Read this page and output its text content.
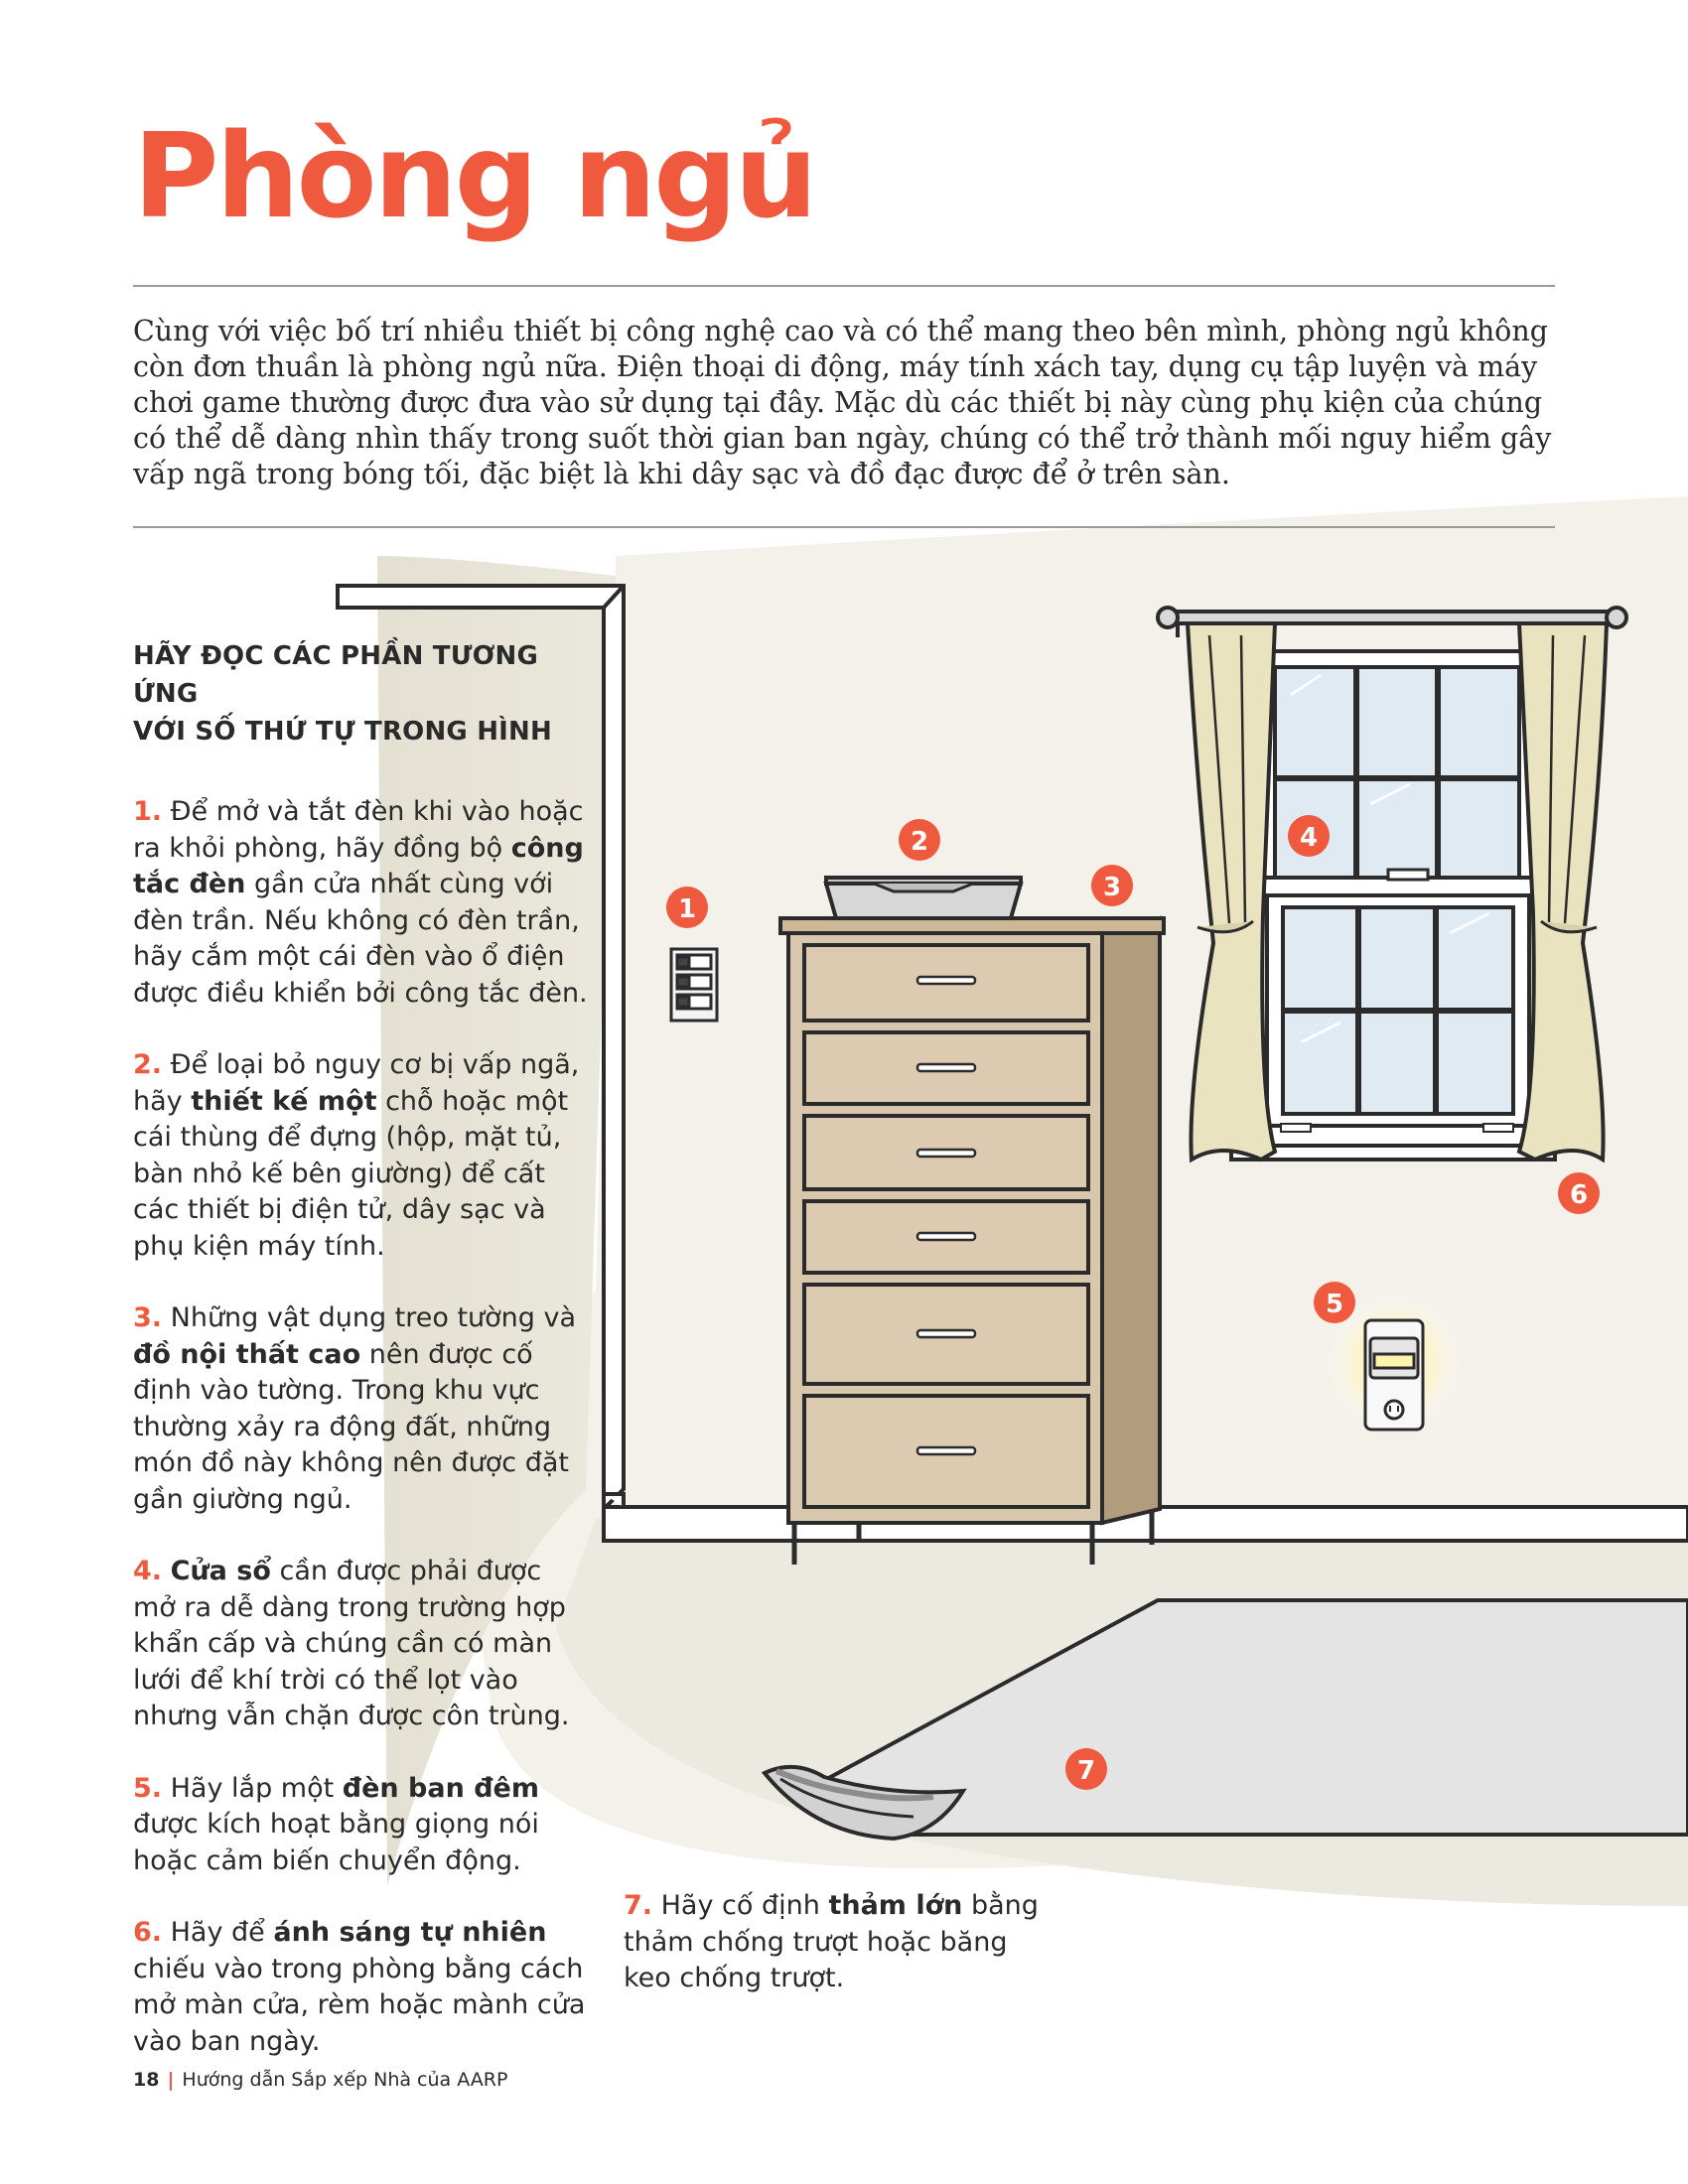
1
2
3
4
5
6
7
Phòng ngủ

Cùng với việc bố trí nhiều thiết bị công nghệ cao và có thể mang theo bên mình, phòng ngủ không còn đơn thuần là phòng ngủ nữa. Điện thoại di động, máy tính xách tay, dụng cụ tập luyện và máy chơi game thường được đưa vào sử dụng tại đây. Mặc dù các thiết bị này cùng phụ kiện của chúng có thể dễ dàng nhìn thấy trong suốt thời gian ban ngày, chúng có thể trở thành mối nguy hiểm gây vấp ngã trong bóng tối, đặc biệt là khi dây sạc và đồ đạc được để ở trên sàn.

HÃY ĐỌC CÁC PHẦN TƯƠNG ỨNG
VỚI SỐ THỨ TỰ TRONG HÌNH

1. Để mở và tắt đèn khi vào hoặc ra khỏi phòng, hãy đồng bộ công tắc đèn gần cửa nhất cùng với đèn trần. Nếu không có đèn trần, hãy cắm một cái đèn vào ổ điện được điều khiển bởi công tắc đèn.

2. Để loại bỏ nguy cơ bị vấp ngã, hãy thiết kế một chỗ hoặc một cái thùng để đựng (hộp, mặt tủ, bàn nhỏ kế bên giường) để cất các thiết bị điện tử, dây sạc và phụ kiện máy tính.

3. Những vật dụng treo tường và đồ nội thất cao nên được cố định vào tường. Trong khu vực thường xảy ra động đất, những món đồ này không nên được đặt gần giường ngủ.

4. Cửa sổ cần được phải được mở ra dễ dàng trong trường hợp khẩn cấp và chúng cần có màn lưới để khí trời có thể lọt vào nhưng vẫn chặn được côn trùng.

5. Hãy lắp một đèn ban đêm được kích hoạt bằng giọng nói hoặc cảm biến chuyển động.

6. Hãy để ánh sáng tự nhiên chiếu vào trong phòng bằng cách mở màn cửa, rèm hoặc mành cửa vào ban ngày.

7. Hãy cố định thảm lớn bằng thảm chống trượt hoặc băng keo chống trượt.

18 | Hướng dẫn Sắp xếp Nhà của AARP
